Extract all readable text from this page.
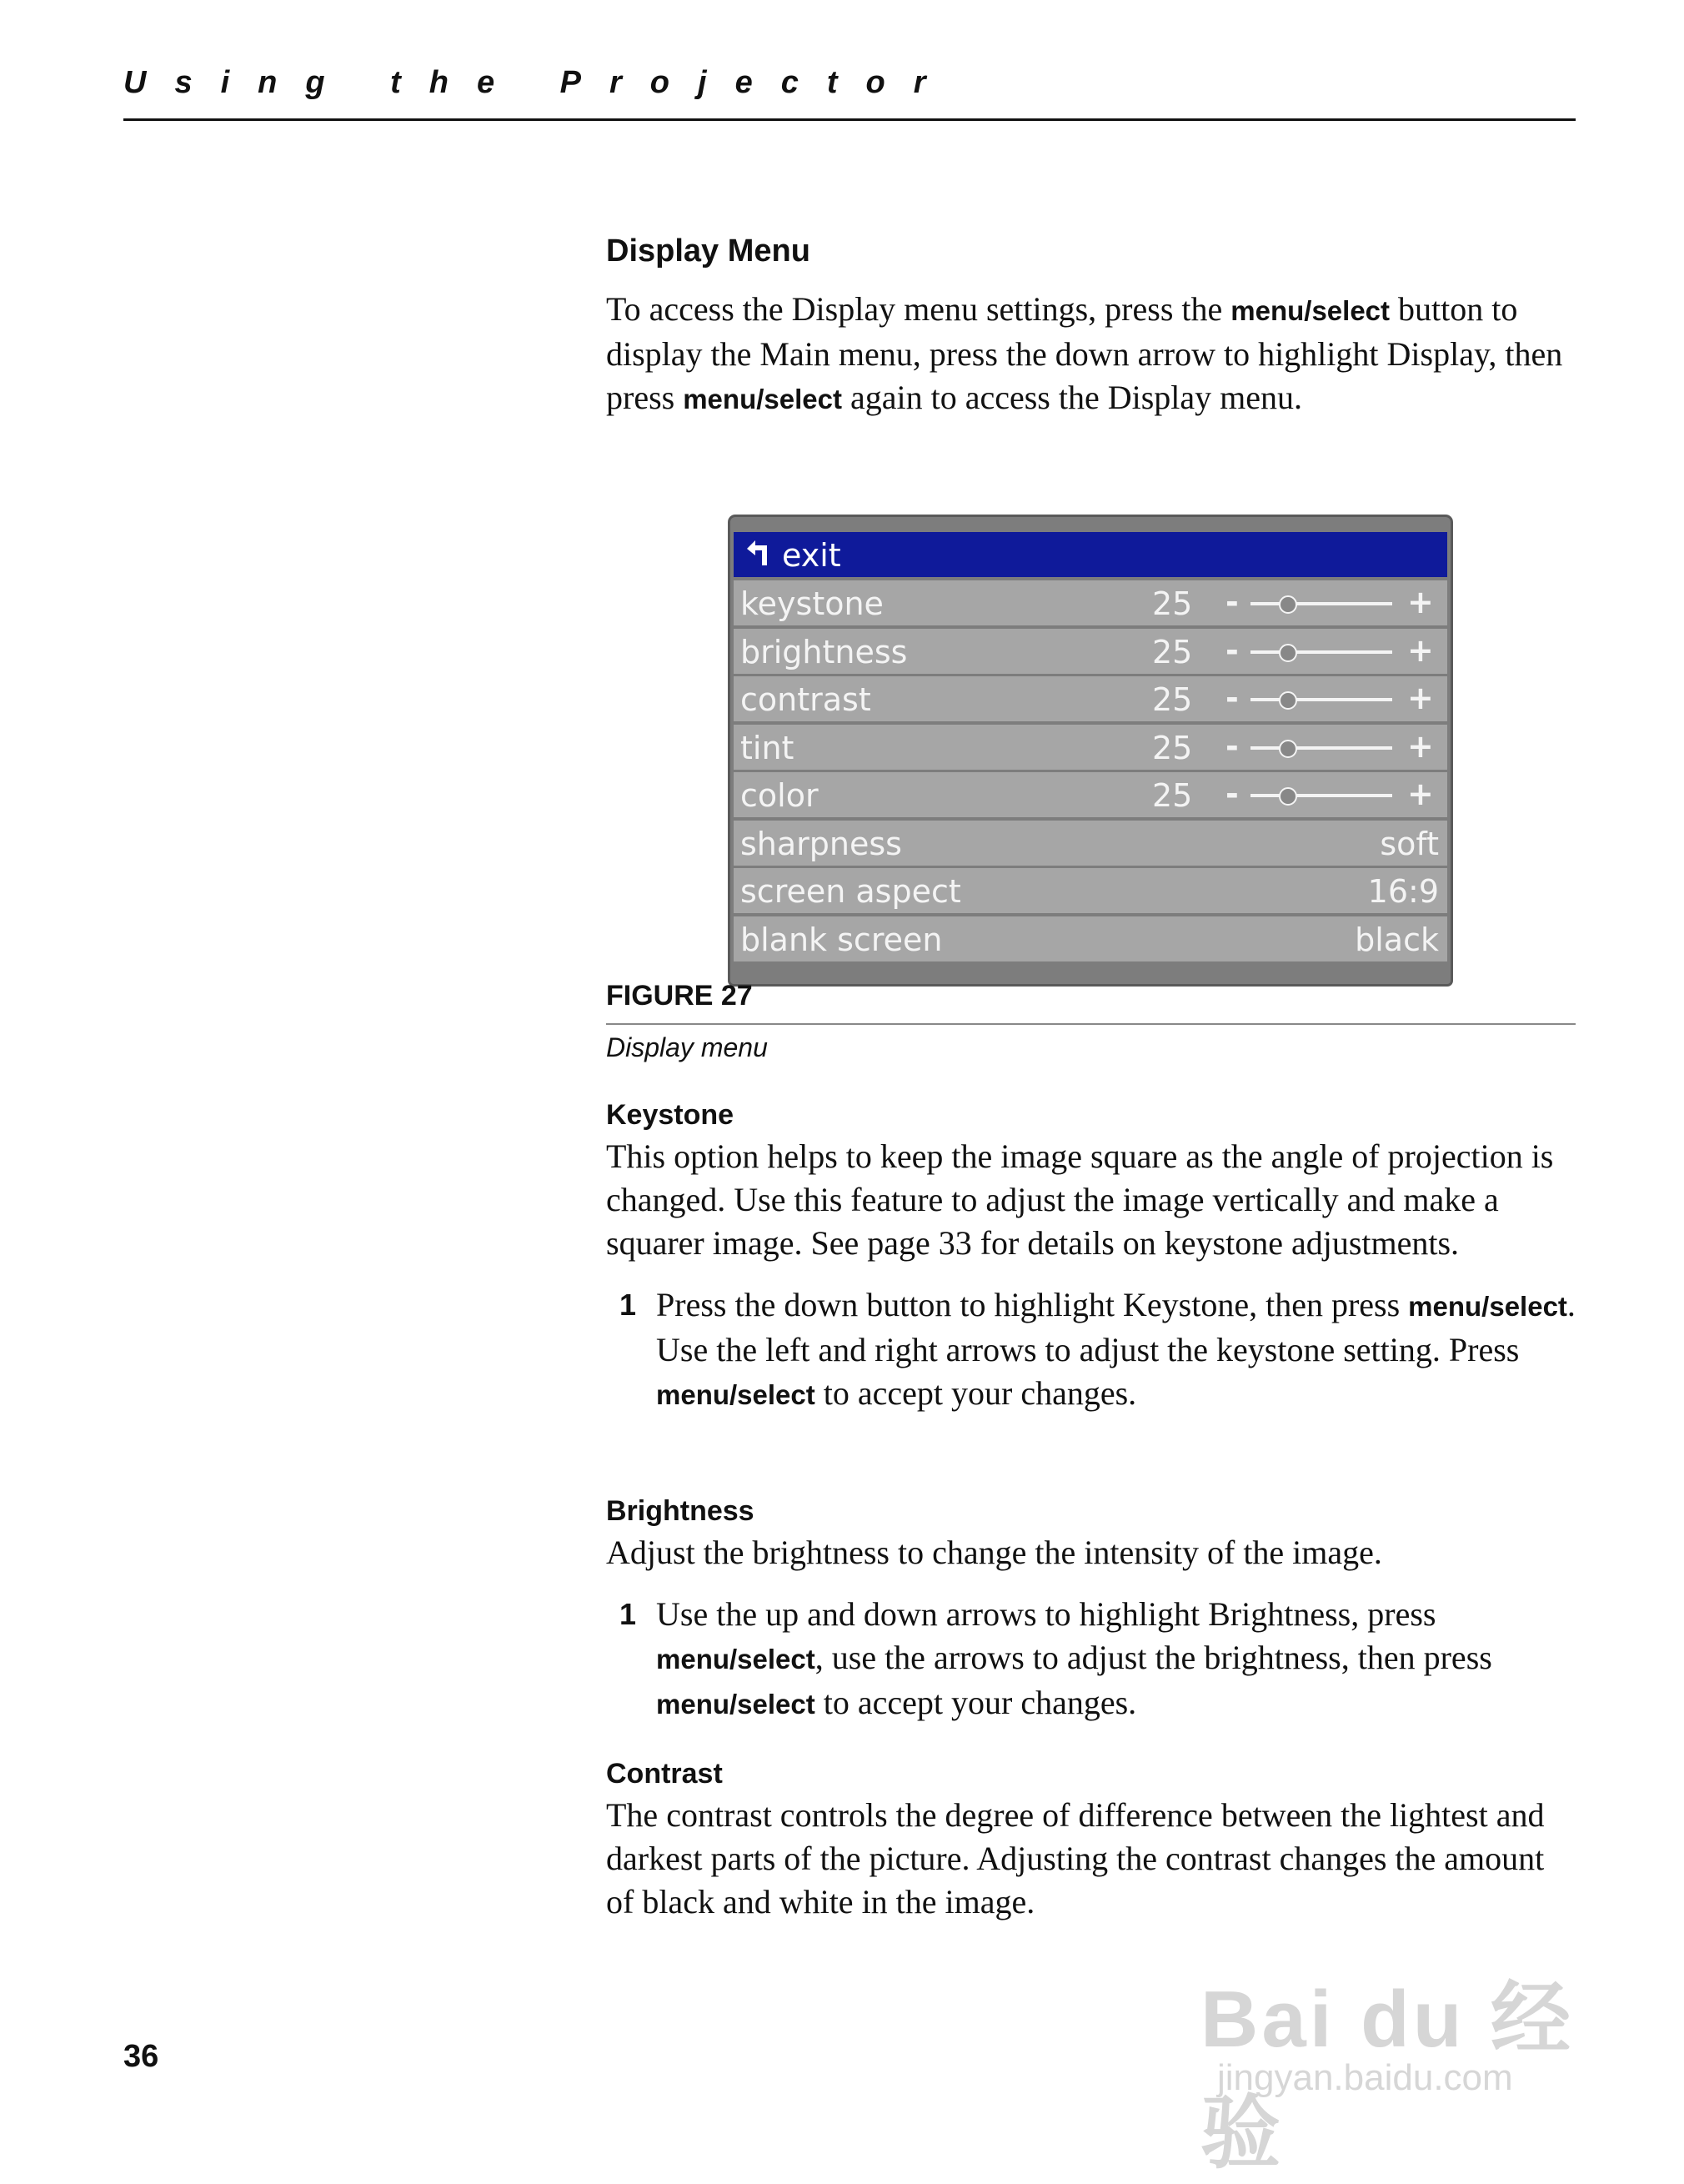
Using the Projector
Display Menu

To access the Display menu settings, press the menu/select button to display the Main menu, press the down arrow to highlight Display, then press menu/select again to access the Display menu.

exit
keystone	25 -	+
brightness	25 -	+
contrast	25 -	+
tint	25 -	+
color	25 -	+
sharpness	soft
screen aspect	16:9
blank screen	black
FIGURE 27
Display menu
Keystone

This option helps to keep the image square as the angle of projection is changed. Use this feature to adjust the image vertically and make a squarer image. See page 33 for details on keystone adjustments.

1 Press the down button to highlight Keystone, then press menu/select. Use the left and right arrows to adjust the keystone setting. Press menu/select to accept your changes.

Brightness

Adjust the brightness to change the intensity of the image.

1 Use the up and down arrows to highlight Brightness, press menu/select, use the arrows to adjust the brightness, then press menu/select to accept your changes.

Contrast

The contrast controls the degree of difference between the lightest and darkest parts of the picture. Adjusting the contrast changes the amount of black and white in the image.

36	Bai du 经验
jingyan.baidu.com
